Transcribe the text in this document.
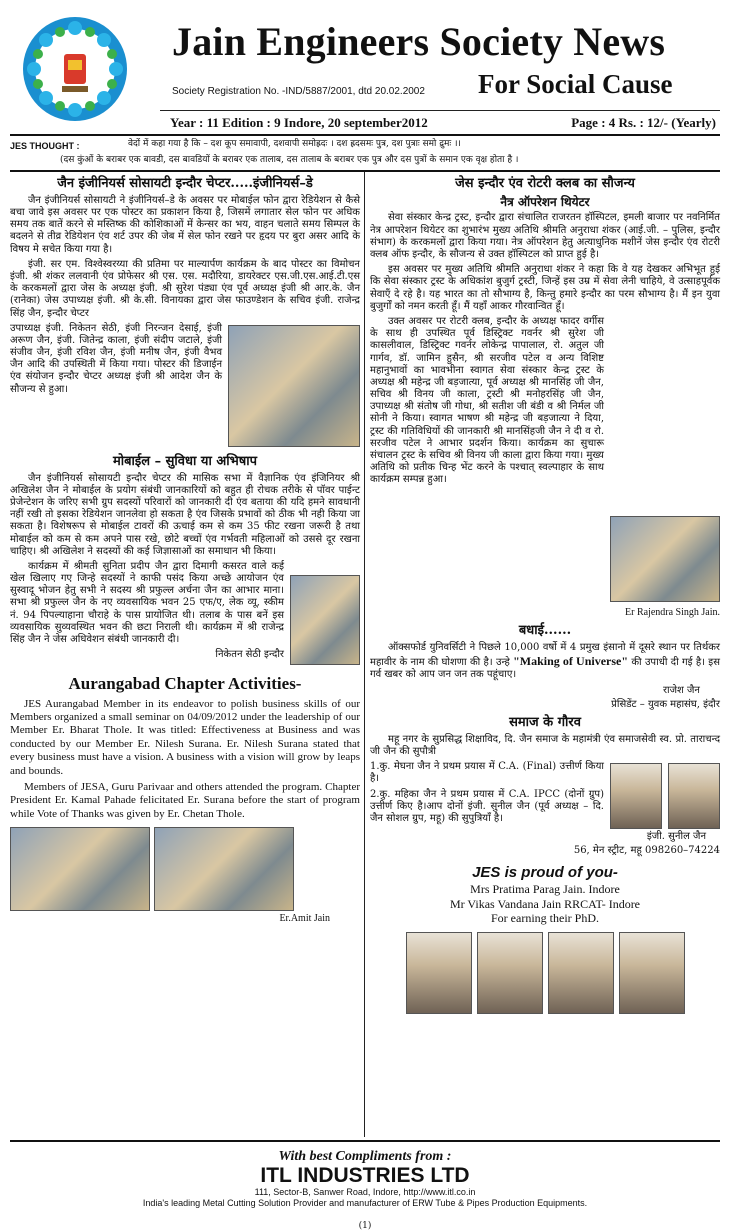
Jain Engineers Society News
For Social Cause
Society Registration No. -IND/5887/2001, dtd 20.02.2002
Year : 11 Edition : 9 Indore, 20 september2012	Page : 4 Rs. : 12/- (Yearly)
JES THOUGHT :	वेदों में कहा गया है कि – दश कूप समावापी, दशवापी समोह्रदः । दश ह्रदसमः पुत्र, दश पुत्राः समो द्रुमः ।।
(दस कुंओं के बराबर एक बावडी, दस बावडियों के बराबर एक तालाब, दस तालाब के बराबर एक पुत्र और दस पुत्रों के समान एक वृक्ष होता है ।
जैन इंजीनियर्स सोसायटी इन्दौर चेप्टर.....इंजीनियर्स–डे

जैन इंजीनियर्स सोसायटी ने इंजीनियर्स–डे के अवसर पर मोबाईल फोन द्वारा रेडियेशन से कैसे बचा जावे इस अवसर पर एक पोस्टर का प्रकाशन किया है, जिसमें लगातार सेल फोन पर अधिक समय तक बातें करने से मस्तिष्क की कोशिकाओं में केन्सर का भय, वाहन चलाते समय सिम्पल के बदलने से तीव्र रेडियेशन एंव शर्ट उपर की जेब में सेल फोन रखने पर हृदय पर बुरा असर आदि के विषय मे सचेत किया गया है।

इंजी. सर एम. विश्वेस्वरय्या की प्रतिमा पर माल्यार्पण कार्यक्रम के बाद पोस्टर का विमोचन इंजी. श्री शंकर ललवानी एंव प्रोफेसर श्री एस. एस. मदौरिया, डायरेक्टर एस.जी.एस.आई.टी.एस के करकमलों द्वारा जेस के अध्यक्ष इंजी. श्री सुरेश पंड्या एंव पूर्व अध्यक्ष इंजी श्री आर.के. जैन (रानेका) जेस उपाध्यक्ष इंजी. श्री के.सी. विनायका द्वारा जेस फाउण्डेशन के सचिव इंजी. राजेन्द्र सिंह जैन, इन्दौर चेप्टर

उपाध्यक्ष इंजी. निकेतन सेठी, इंजी निरन्जन देसाई, इंजी अरूण जैन, इंजी. जितेन्द्र काला, इंजी संदीप जटाले, इंजी संजीव जैन, इंजी रविश जैन, इंजी मनीष जैन, इंजी वैभव जैन आदि की उपस्थिती में किया गया। पोस्टर की डिजाईन एंव संयोजन इन्दौर चेप्टर अध्यक्ष इंजी श्री आदेश जैन के सौजन्य से हुआ।

मोबाईल – सुविधा या अभिषाप

जैन इंजीनियर्स सोसायटी इन्दौर चेप्टर की मासिक सभा में वैज्ञानिक एंव इंजिनियर श्री अखिलेश जैन ने मोबाईल के प्रयोग संबंधी जानकारियों को बहुत ही रोचक तरीके से पॉवर पाईन्ट प्रेजेन्टेशन के जरिए सभी ग्रुप सदस्यों परिवारों को जानकारी दी एंव बताया की यदि हमने सावधानी नहीं रखी तो इसका रेडियेशन जानलेवा हो सकता है एंव जिसके प्रभावों को ठीक भी नही किया जा सकता है। विशेषरूप से मोबाईल टावरों की ऊचाई कम से कम 35 फीट रखना जरूरी है तथा मोबाईल को कम से कम अपने पास रखे, छोटे बच्चों एंव गर्भवती महिलाओं को उससे दूर रखना चाहिए। श्री अखिलेश ने सदस्यों की कई जिज्ञासाओं का समाधान भी किया।

कार्यक्रम में श्रीमती सुनिता प्रदीप जैन द्वारा दिमागी कसरत वाले कई खेल खिलाए गए जिन्हे सदस्यों ने काफी पसंद किया अच्छे आयोजन एंव सुस्वादू भोजन हेतु सभी ने सदस्य श्री प्रफुल्ल अर्चना जैन का आभार माना। सभा श्री प्रफुल्ल जैन के नए व्यवसायिक भवन 25 एफ/ए, लेक व्यू, स्कीम नं. 94 पिपल्याहाना चौराहे के पास प्रायोजित थी। तलाब के पास बनें इस व्यवसायिक सुव्यवस्थित भवन की छटा निराली थी। कार्यक्रम में श्री राजेन्द्र सिंह जैन ने जेस अधिवेशन संबंधी जानकारी दी।

निकेतन सेठी इन्दौर
Aurangabad Chapter Activities-

JES Aurangabad Member in its endeavor to polish business skills of our Members organized a small seminar on 04/09/2012 under the leadership of our Member Er. Bharat Thole. It was titled: Effectiveness at Business and was conducted by our Member Er. Nilesh Surana. Er. Nilesh Surana stated that every business must have a vision. A business with a vision will grow by leaps and bounds.

Members of JESA, Guru Parivaar and others attended the program. Chapter President Er. Kamal Pahade felicitated Er. Surana before the start of program while Vote of Thanks was given by Er. Chetan Thole.

Er.Amit Jain
जेस इन्दौर एंव रोटरी क्लब का सौजन्य
नैत्र ऑपरेशन थियेटर

सेवा संस्कार केन्द्र ट्रस्ट, इन्दौर द्वारा संचालित राजरतन हॉस्पिटल, इमली बाजार पर नवनिर्मित नेत्र आपरेशन थियेटर का शुभारंभ मुख्य अतिथि श्रीमति अनुराधा शंकर (आई.जी. – पुलिस, इन्दौर संभाग) के करकमलों द्वारा किया गया। नेत्र ऑपरेशन हेतु अत्याधुनिक मशीनें जेस इन्दौर एंव रोटरी क्लब ऑफ इन्दौर, के सौजन्य से उक्त हॉस्पिटल को प्राप्त हुई है।

इस अवसर पर मुख्य अतिथि श्रीमति अनुराधा शंकर ने कहा कि वे यह देखकर अभिभूत हुई कि सेवा संस्कार ट्रस्ट के अधिकांश बुजुर्ग ट्रस्टी, जिन्हें इस उम्र में सेवा लेनी चाहिये, वे उत्साहपूर्वक सेवाएँ दे रहे है। यह भारत का तो सौभाग्य है, किन्तु हमारे इन्दौर का परम सौभाग्य है। मैं इन युवा बुजुर्गों को नमन करती हूँ। मैं यहाँ आकर गौरवान्वित हूँ।

उक्त अवसर पर रोटरी क्लब, इन्दौर के अध्यक्ष फादर वर्गीस के साथ ही उपस्थित पूर्व डिस्ट्रिक्ट गवर्नर श्री सुरेश जी कासलीवाल, डिस्ट्रिक्ट गवर्नर लोकेन्द्र पापालाल, रो. अतुल जी गार्गव, डॉ. जामिन हुसैन, श्री सरजीव पटेल व अन्य विशिष्ट महानुभावों का भावभीना स्वागत सेवा संस्कार केन्द्र ट्रस्ट के अध्यक्ष श्री महेन्द्र जी बड़जात्या, पूर्व अध्यक्ष श्री मानसिंह जी जैन, सचिव श्री विनय जी काला, ट्रस्टी श्री मनोहरसिंह जी जैन, उपाध्यक्ष श्री संतोष जी गोधा, श्री सतीश जी बंडी व श्री निर्मल जी सोनी ने किया। स्वागत भाषण श्री महेन्द्र जी बड़जात्या ने दिया, ट्रस्ट की गतिविधियों की जानकारी श्री मानसिंहजी जैन ने दी व रो. सरजीव पटेल ने आभार प्रदर्शन किया। कार्यक्रम का सुचारू संचालन ट्रस्ट के सचिव श्री विनय जी काला द्वारा किया गया। मुख्य अतिथि को प्रतीक चिन्ह भेंट करने के पश्चात् स्वल्पाहार के साथ कार्यक्रम सम्पन्न हुआ।

Er Rajendra Singh Jain.
बधाई......

ऑक्सफोर्ड युनिवर्सिटी ने पिछले 10,000 वर्षो में 4 प्रमुख इंसानो में दूसरे स्थान पर तिर्थकर महावीर के नाम की घोशणा की है। उन्हे "Making of Universe" की उपाधी दी गई है। इस गर्व खबर को आप जन जन तक पहूंचाए।

राजेश जैन
प्रेसिडेंट – युवक महासंघ, इंदौर
समाज के गौरव

महू नगर के सुप्रसिद्ध शिक्षाविद, दि. जैन समाज के महामंत्री एंव समाजसेवी स्व. प्रो. ताराचन्द जी जैन की सुपौत्री

1.कु. मेघना जैन ने प्रथम प्रयास में C.A. (Final) उत्तीर्ण किया है।

2.कु. महिका जैन ने प्रथम प्रयास में C.A. IPCC (दोनों ग्रुप) उत्तीर्ण किए है।आप दोनों इंजी. सुनील जैन (पूर्व अध्यक्ष – दि. जैन सोशल ग्रुप, महू) की सुपुत्रियाँ है।

इंजी. सुनील जैन
56, मेन स्ट्रीट, महू 098260–74224
JES is proud of you-
Mrs Pratima Parag Jain. Indore
Mr Vikas Vandana Jain RRCAT- Indore
For earning their PhD.
With best Compliments from :
ITL INDUSTRIES LTD
111, Sector-B, Sanwer Road, Indore, http://www.itl.co.in
India's leading Metal Cutting Solution Provider and manufacturer of ERW Tube & Pipes Production Equipments.
(1)
